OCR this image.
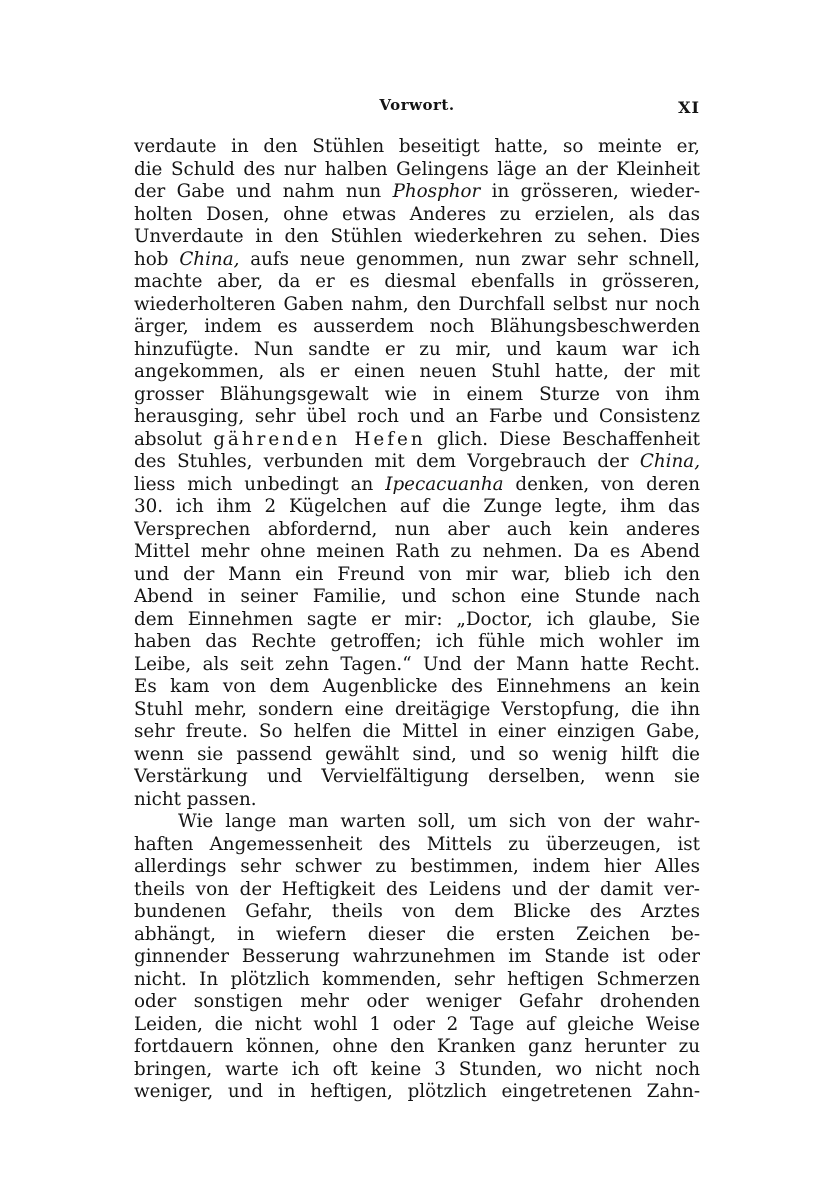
Vorwort.	XI
verdaute in den Stühlen beseitigt hatte, so meinte er,
die Schuld des nur halben Gelingens läge an der Kleinheit
der Gabe und nahm nun Phosphor in grösseren, wieder-
holten Dosen, ohne etwas Anderes zu erzielen, als das
Unverdaute in den Stühlen wiederkehren zu sehen. Dies
hob China, aufs neue genommen, nun zwar sehr schnell,
machte aber, da er es diesmal ebenfalls in grösseren,
wiederholteren Gaben nahm, den Durchfall selbst nur noch
ärger, indem es ausserdem noch Blähungsbeschwerden
hinzufügte. Nun sandte er zu mir, und kaum war ich
angekommen, als er einen neuen Stuhl hatte, der mit
grosser Blähungsgewalt wie in einem Sturze von ihm
herausging, sehr übel roch und an Farbe und Consistenz
absolut gährenden Hefen glich. Diese Beschaffenheit
des Stuhles, verbunden mit dem Vorgebrauch der China,
liess mich unbedingt an Ipecacuanha denken, von deren
30. ich ihm 2 Kügelchen auf die Zunge legte, ihm das
Versprechen abfordernd, nun aber auch kein anderes
Mittel mehr ohne meinen Rath zu nehmen. Da es Abend
und der Mann ein Freund von mir war, blieb ich den
Abend in seiner Familie, und schon eine Stunde nach
dem Einnehmen sagte er mir: „Doctor, ich glaube, Sie
haben das Rechte getroffen; ich fühle mich wohler im
Leibe, als seit zehn Tagen.“ Und der Mann hatte Recht.
Es kam von dem Augenblicke des Einnehmens an kein
Stuhl mehr, sondern eine dreitägige Verstopfung, die ihn
sehr freute. So helfen die Mittel in einer einzigen Gabe,
wenn sie passend gewählt sind, und so wenig hilft die
Verstärkung und Vervielfältigung derselben, wenn sie
nicht passen.
Wie lange man warten soll, um sich von der wahr-
haften Angemessenheit des Mittels zu überzeugen, ist
allerdings sehr schwer zu bestimmen, indem hier Alles
theils von der Heftigkeit des Leidens und der damit ver-
bundenen Gefahr, theils von dem Blicke des Arztes
abhängt, in wiefern dieser die ersten Zeichen be-
ginnender Besserung wahrzunehmen im Stande ist oder
nicht. In plötzlich kommenden, sehr heftigen Schmerzen
oder sonstigen mehr oder weniger Gefahr drohenden
Leiden, die nicht wohl 1 oder 2 Tage auf gleiche Weise
fortdauern können, ohne den Kranken ganz herunter zu
bringen, warte ich oft keine 3 Stunden, wo nicht noch
weniger, und in heftigen, plötzlich eingetretenen Zahn-
